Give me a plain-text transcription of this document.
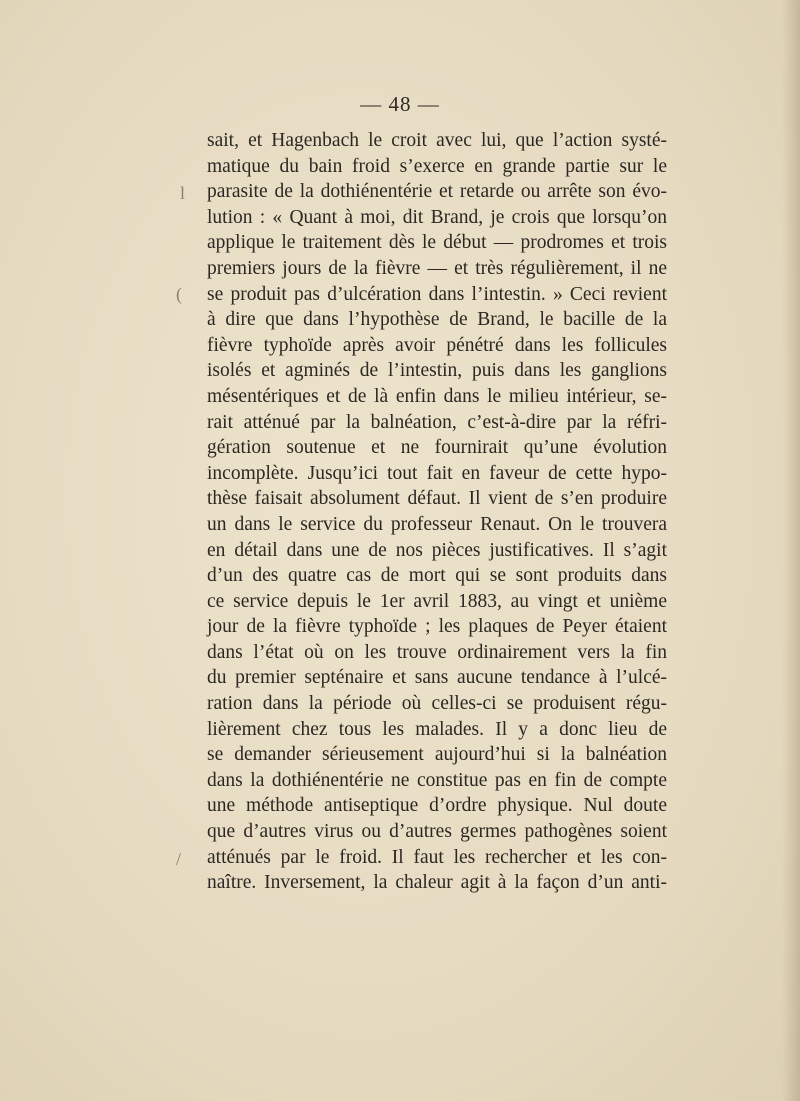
— 48 —
l
(
/
sait, et Hagenbach le croit avec lui, que l’action systé-
matique du bain froid s’exerce en grande partie sur le
parasite de la dothiénentérie et retarde ou arrête son évo-
lution : « Quant à moi, dit Brand, je crois que lorsqu’on
applique le traitement dès le début — prodromes et trois
premiers jours de la fièvre — et très régulièrement, il ne
se produit pas d’ulcération dans l’intestin. » Ceci revient
à dire que dans l’hypothèse de Brand, le bacille de la
fièvre typhoïde après avoir pénétré dans les follicules
isolés et agminés de l’intestin, puis dans les ganglions
mésentériques et de là enfin dans le milieu intérieur, se-
rait atténué par la balnéation, c’est-à-dire par la réfri-
gération soutenue et ne fournirait qu’une évolution
incomplète. Jusqu’ici tout fait en faveur de cette hypo-
thèse faisait absolument défaut. Il vient de s’en produire
un dans le service du professeur Renaut. On le trouvera
en détail dans une de nos pièces justificatives. Il s’agit
d’un des quatre cas de mort qui se sont produits dans
ce service depuis le 1er avril 1883, au vingt et unième
jour de la fièvre typhoïde ; les plaques de Peyer étaient
dans l’état où on les trouve ordinairement vers la fin
du premier septénaire et sans aucune tendance à l’ulcé-
ration dans la période où celles-ci se produisent régu-
lièrement chez tous les malades. Il y a donc lieu de
se demander sérieusement aujourd’hui si la balnéation
dans la dothiénentérie ne constitue pas en fin de compte
une méthode antiseptique d’ordre physique. Nul doute
que d’autres virus ou d’autres germes pathogènes soient
atténués par le froid. Il faut les rechercher et les con-
naître. Inversement, la chaleur agit à la façon d’un anti-
